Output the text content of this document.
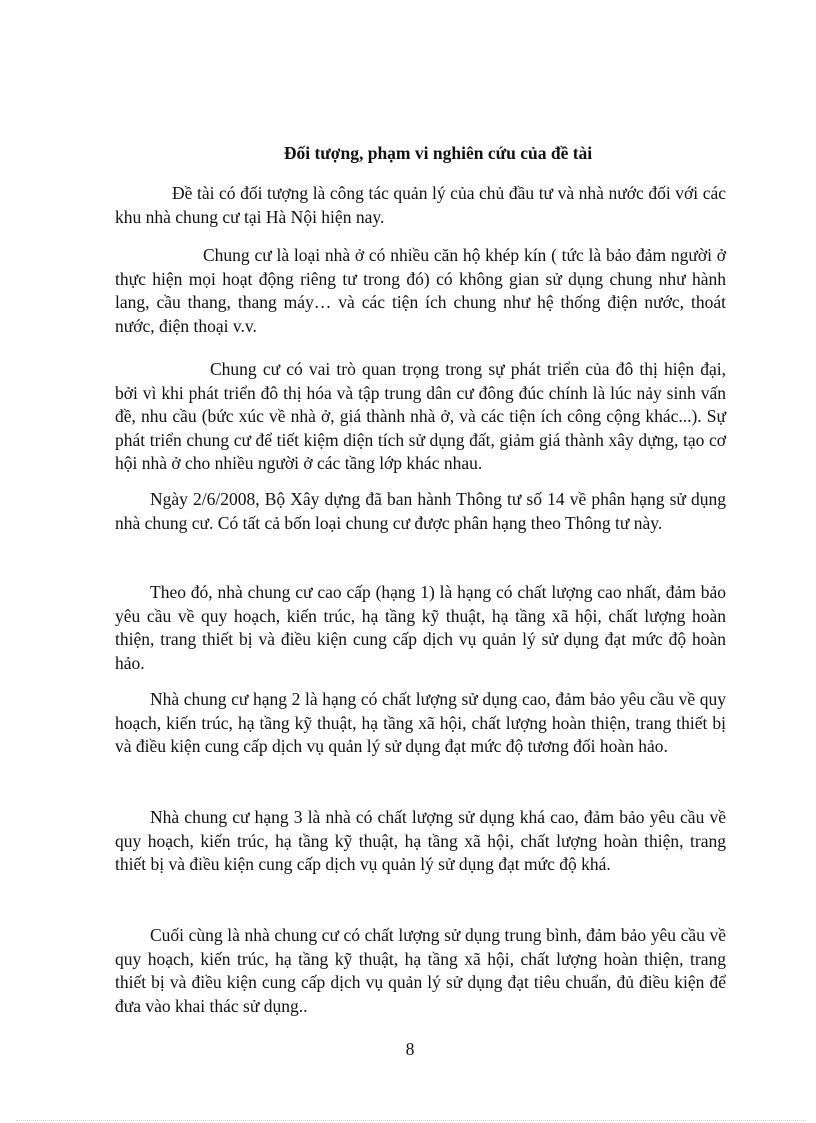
Đối tượng, phạm vi nghiên cứu của đề tài

Đề tài có đối tượng là công tác quản lý của chủ đầu tư và nhà nước đối với các khu nhà chung cư tại Hà Nội hiện nay.

Chung cư là loại nhà ở có nhiều căn hộ khép kín ( tức là bảo đảm người ở thực hiện mọi hoạt động riêng tư trong đó) có không gian sử dụng chung như hành lang, cầu thang, thang máy… và các tiện ích chung như hệ thống điện nước, thoát nước, điện thoại v.v.

Chung cư có vai trò quan trọng trong sự phát triển của đô thị hiện đại, bởi vì khi phát triển đô thị hóa và tập trung dân cư đông đúc chính là lúc nảy sinh vấn đề, nhu cầu (bức xúc về nhà ở, giá thành nhà ở, và các tiện ích công cộng khác...). Sự phát triển chung cư để tiết kiệm diện tích sử dụng đất, giảm giá thành xây dựng, tạo cơ hội nhà ở cho nhiều người ở các tầng lớp khác nhau.

Ngày 2/6/2008, Bộ Xây dựng đã ban hành Thông tư số 14 về phân hạng sử dụng nhà chung cư. Có tất cả bốn loại chung cư được phân hạng theo Thông tư này.

Theo đó, nhà chung cư cao cấp (hạng 1) là hạng có chất lượng cao nhất, đảm bảo yêu cầu về quy hoạch, kiến trúc, hạ tầng kỹ thuật, hạ tầng xã hội, chất lượng hoàn thiện, trang thiết bị và điều kiện cung cấp dịch vụ quản lý sử dụng đạt mức độ hoàn hảo.

Nhà chung cư hạng 2 là hạng có chất lượng sử dụng cao, đảm bảo yêu cầu về quy hoạch, kiến trúc, hạ tầng kỹ thuật, hạ tầng xã hội, chất lượng hoàn thiện, trang thiết bị và điều kiện cung cấp dịch vụ quản lý sử dụng đạt mức độ tương đối hoàn hảo.

Nhà chung cư hạng 3 là nhà có chất lượng sử dụng khá cao, đảm bảo yêu cầu về quy hoạch, kiến trúc, hạ tầng kỹ thuật, hạ tầng xã hội, chất lượng hoàn thiện, trang thiết bị và điều kiện cung cấp dịch vụ quản lý sử dụng đạt mức độ khá.

Cuối cùng là nhà chung cư có chất lượng sử dụng trung bình, đảm bảo yêu cầu về quy hoạch, kiến trúc, hạ tầng kỹ thuật, hạ tầng xã hội, chất lượng hoàn thiện, trang thiết bị và điều kiện cung cấp dịch vụ quản lý sử dụng đạt tiêu chuẩn, đủ điều kiện để đưa vào khai thác sử dụng..

8
